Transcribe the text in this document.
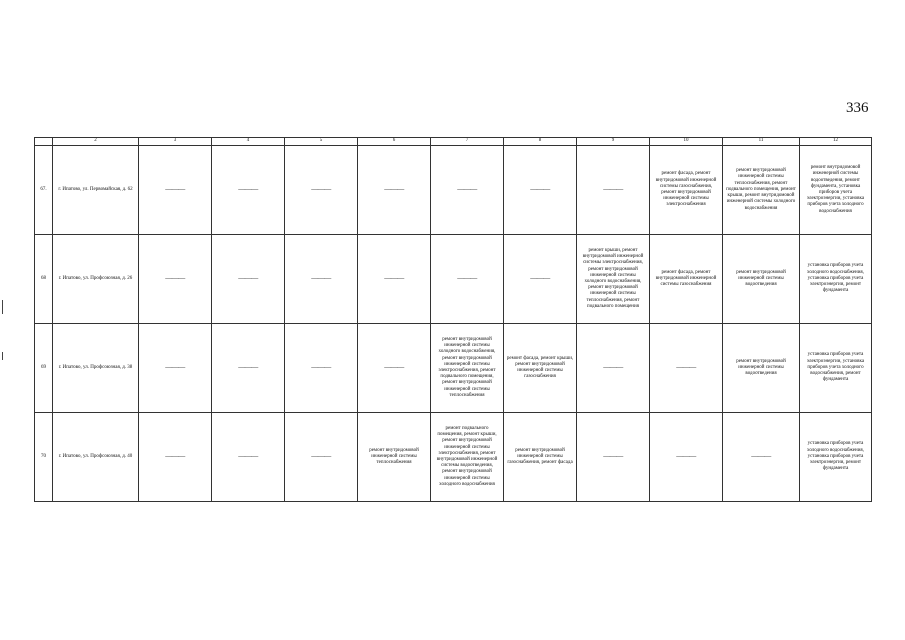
336
	2	3	4	5	6	7	8	9	10	11	12
67.	г. Ипатово, ул. Первомайская, д. 62	———	———	———	———	———	———	———	ремонт фасада, ремонт внутридомовой инженерной системы газоснабжения, ремонт внутридомовой инженерной системы электроснабжения	ремонт внутридомовой инженерной системы теплоснабжения, ремонт подвального помещения, ремонт крыши, ремонт внутридомовой инженерной системы холодного водоснабжения	ремонт внутридомовой инженерной системы водоотведения, ремонт фундамента, установка приборов учета электроэнергии, установка приборов учета холодного водоснабжения
68	г. Ипатово, ул. Профсоюзная, д. 26	———	———	———	———	———	———	ремонт крыши, ремонт внутридомовой инженерной системы электроснабжения, ремонт внутридомовой инженерной системы холодного водоснабжения, ремонт внутридомовой инженерной системы теплоснабжения, ремонт подвального помещения	ремонт фасада, ремонт внутридомовой инженерной системы газоснабжения	ремонт внутридомовой инженерной системы водоотведения	установка приборов учета холодного водоснабжения, установка приборов учета электроэнергии, ремонт фундамента
69	г. Ипатово, ул. Профсоюзная, д. 38	———	———	———	———	ремонт внутридомовой инженерной системы холодного водоснабжения, ремонт внутридомовой инженерной системы электроснабжения, ремонт подвального помещения, ремонт внутридомовой инженерной системы теплоснабжения	ремонт фасада, ремонт крыши, ремонт внутридомовой инженерной системы газоснабжения	———	———	ремонт внутридомовой инженерной системы водоотведения	установка приборов учета электроэнергии, установка приборов учета холодного водоснабжения, ремонт фундамента
70	г. Ипатово, ул. Профсоюзная, д. 40	———	———	———	ремонт внутридомовой инженерной системы теплоснабжения	ремонт подвального помещения, ремонт крыши, ремонт внутридомовой инженерной системы электроснабжения, ремонт внутридомовой инженерной системы водоотведения, ремонт внутридомовой инженерной системы холодного водоснабжения	ремонт внутридомовой инженерной системы газоснабжения, ремонт фасада	———	———	———	установка приборов учета холодного водоснабжения, установка приборов учета электроэнергии, ремонт фундамента
